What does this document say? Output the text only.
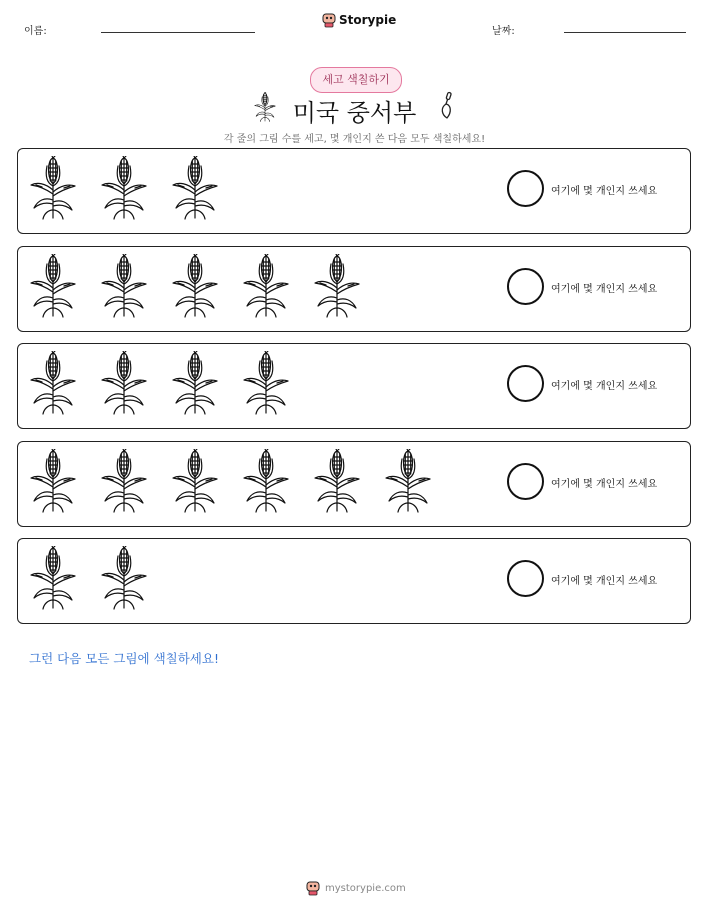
이름:
Storypie
날짜:
세고 색칠하기
미국 중서부
각 줄의 그림 수를 세고, 몇 개인지 쓴 다음 모두 색칠하세요!
여기에 몇 개인지 쓰세요
여기에 몇 개인지 쓰세요
여기에 몇 개인지 쓰세요
여기에 몇 개인지 쓰세요
여기에 몇 개인지 쓰세요
그런 다음 모든 그림에 색칠하세요!
mystorypie.com
